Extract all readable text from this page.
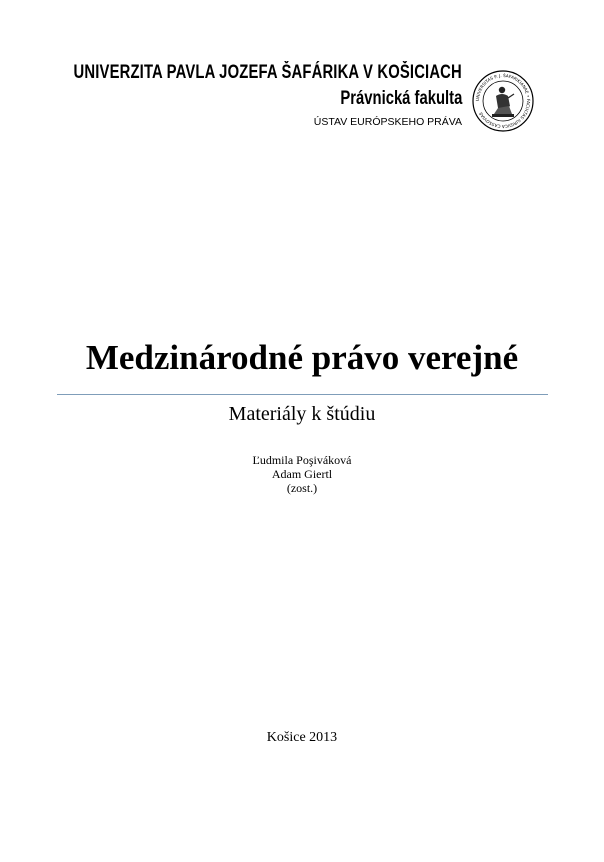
UNIVERZITA PAVLA JOZEFA ŠAFÁRIKA V KOŠICIACH
Právnická fakulta
ÚSTAV EURÓPSKEHO PRÁVA
UNIVERSITAS P. J. ŠAFARIKIANAE • FACULTAS IURIDICA CASSOVIAE
Medzinárodné právo verejné
Materiály k štúdiu
Ľudmila Poşiváková
Adam Giertl
(zost.)
Košice 2013
